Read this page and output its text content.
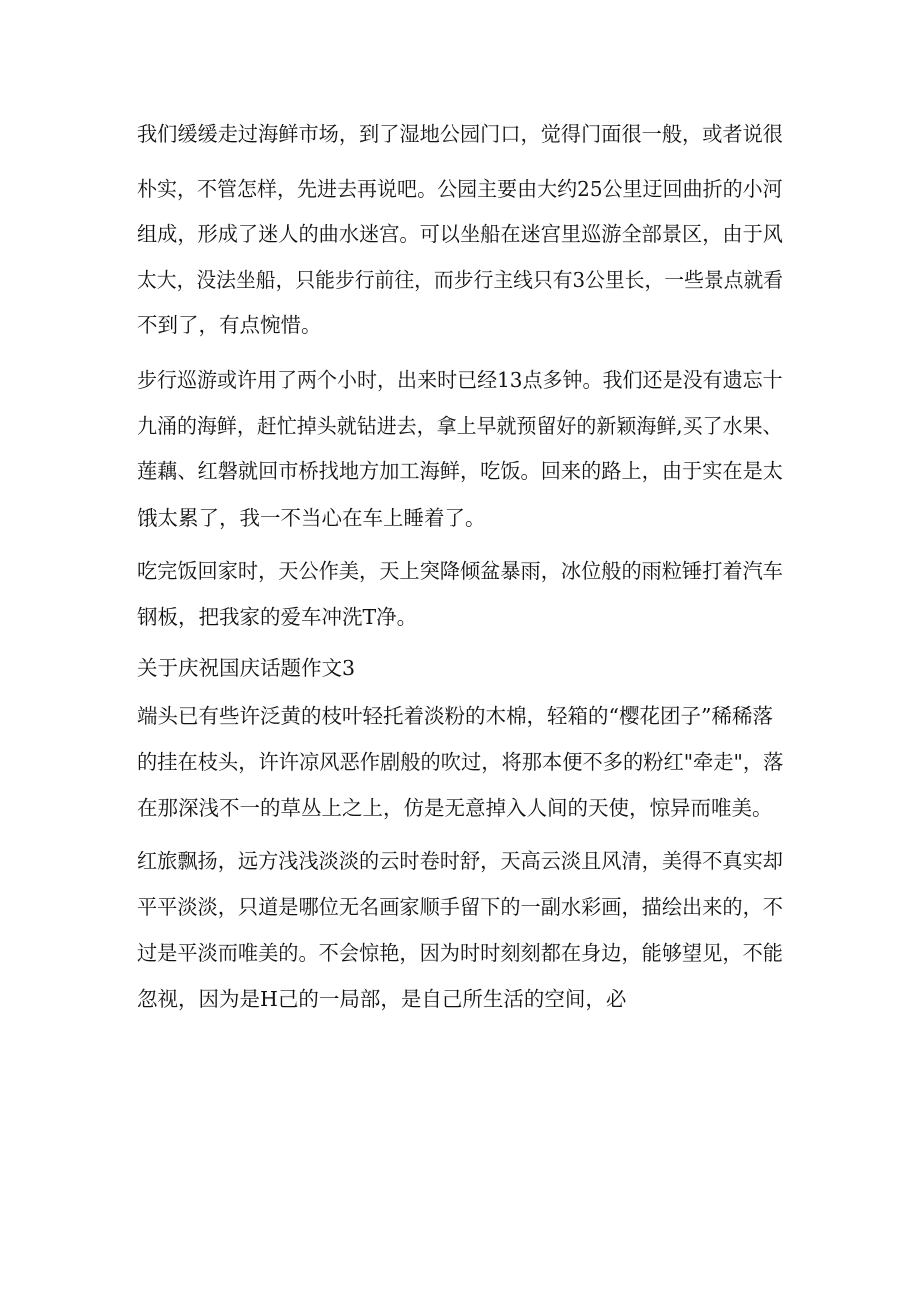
我们缓缓走过海鲜市场，到了湿地公园门口，觉得门面很一般，或者说很
朴实，不管怎样，先进去再说吧。公园主要由大约25公里迂回曲折的小河
组成，形成了迷人的曲水迷宫。可以坐船在迷宫里巡游全部景区，由于风
太大，没法坐船，只能步行前往，而步行主线只有3公里长，一些景点就看
不到了，有点惋惜。
步行巡游或许用了两个小时，出来时已经13点多钟。我们还是没有遗忘十
九涌的海鲜，赶忙掉头就钻进去，拿上早就预留好的新颖海鲜,买了水果、
莲藕、红磐就回市桥找地方加工海鲜，吃饭。回来的路上，由于实在是太
饿太累了，我一不当心在车上睡着了。
吃完饭回家时，天公作美，天上突降倾盆暴雨，冰位般的雨粒锤打着汽车
钢板，把我家的爱车冲洗T净。
关于庆祝国庆话题作文3
端头已有些许泛黄的枝叶轻托着淡粉的木棉，轻箱的“樱花团子”稀稀落
的挂在枝头，许许凉风恶作剧般的吹过，将那本便不多的粉红"牵走"，落
在那深浅不一的草丛上之上，仿是无意掉入人间的天使，惊异而唯美。
红旅飘扬，远方浅浅淡淡的云时卷时舒，天高云淡且风清，美得不真实却
平平淡淡，只道是哪位无名画家顺手留下的一副水彩画，描绘出来的，不
过是平淡而唯美的。不会惊艳，因为时时刻刻都在身边，能够望见，不能
忽视，因为是H己的一局部，是自己所生活的空间，必
